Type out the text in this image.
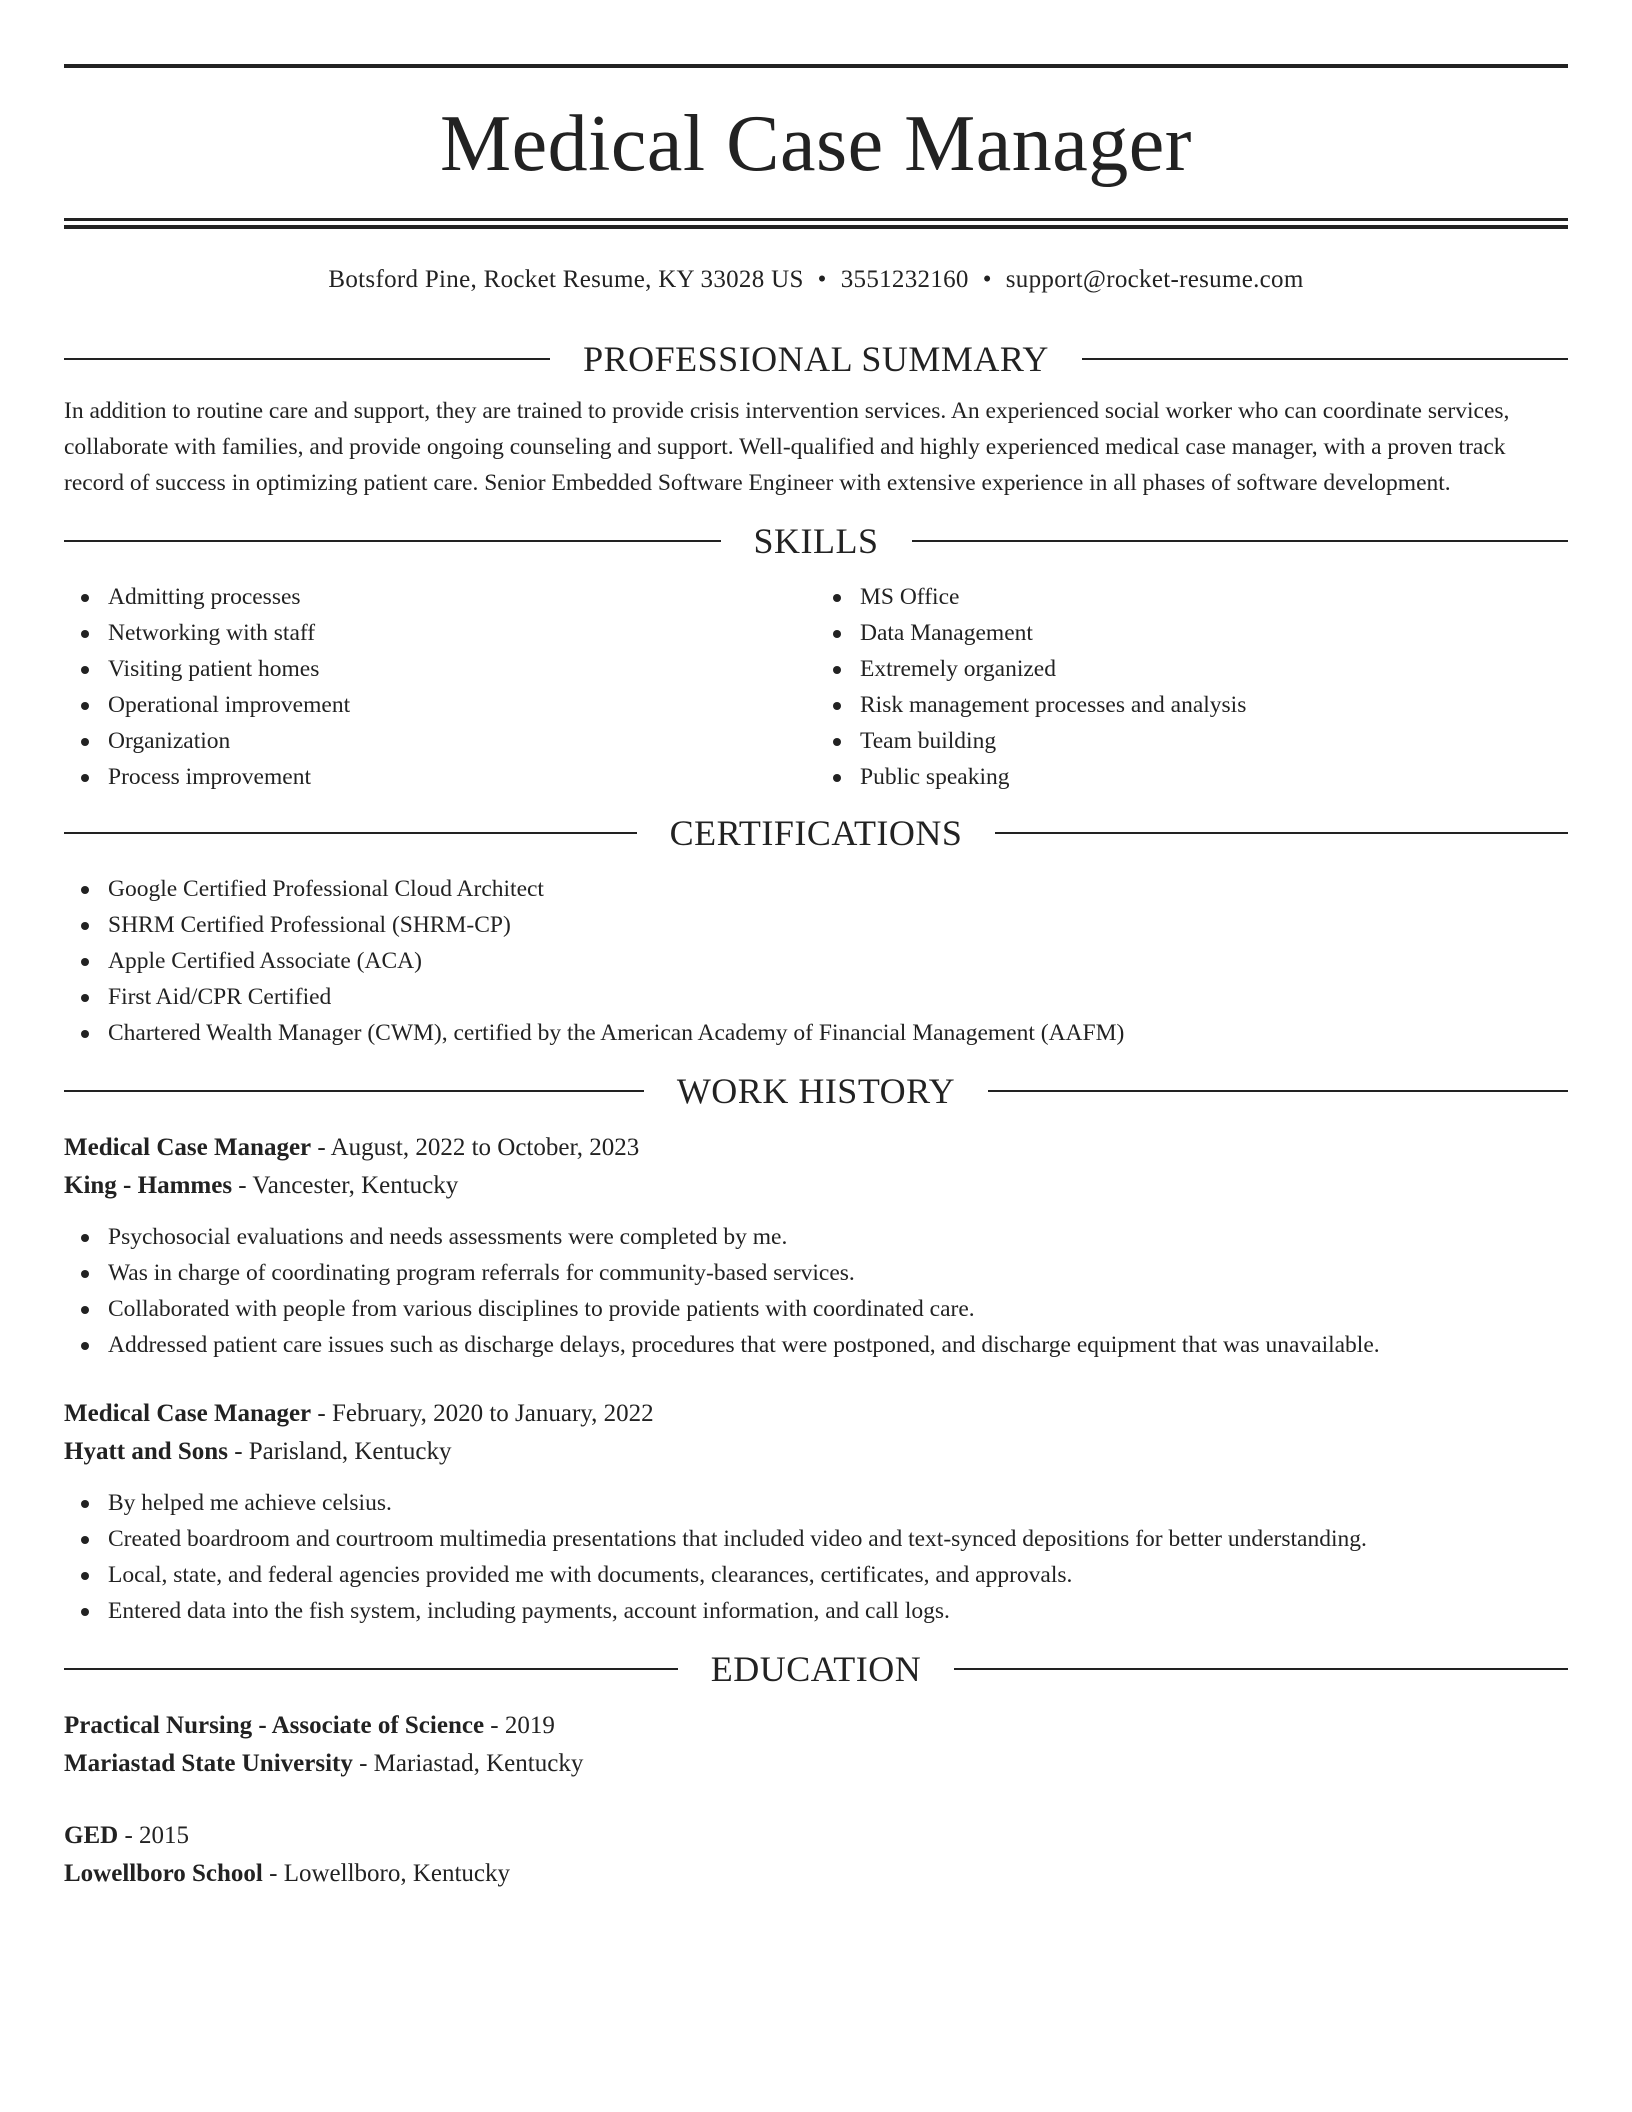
Medical Case Manager
Botsford Pine, Rocket Resume, KY 33028 US • 3551232160 • support@rocket-resume.com
PROFESSIONAL SUMMARY

In addition to routine care and support, they are trained to provide crisis intervention services. An experienced social worker who can coordinate services, collaborate with families, and provide ongoing counseling and support. Well-qualified and highly experienced medical case manager, with a proven track record of success in optimizing patient care. Senior Embedded Software Engineer with extensive experience in all phases of software development.

SKILLS
Admitting processes
Networking with staff
Visiting patient homes
Operational improvement
Organization
Process improvement
MS Office
Data Management
Extremely organized
Risk management processes and analysis
Team building
Public speaking
CERTIFICATIONS
Google Certified Professional Cloud Architect
SHRM Certified Professional (SHRM-CP)
Apple Certified Associate (ACA)
First Aid/CPR Certified
Chartered Wealth Manager (CWM), certified by the American Academy of Financial Management (AAFM)
WORK HISTORY
Medical Case Manager - August, 2022 to October, 2023
King - Hammes - Vancester, Kentucky
Psychosocial evaluations and needs assessments were completed by me.
Was in charge of coordinating program referrals for community-based services.
Collaborated with people from various disciplines to provide patients with coordinated care.
Addressed patient care issues such as discharge delays, procedures that were postponed, and discharge equipment that was unavailable.
Medical Case Manager - February, 2020 to January, 2022
Hyatt and Sons - Parisland, Kentucky
By helped me achieve celsius.
Created boardroom and courtroom multimedia presentations that included video and text-synced depositions for better understanding.
Local, state, and federal agencies provided me with documents, clearances, certificates, and approvals.
Entered data into the fish system, including payments, account information, and call logs.
EDUCATION
Practical Nursing - Associate of Science - 2019
Mariastad State University - Mariastad, Kentucky
GED - 2015
Lowellboro School - Lowellboro, Kentucky
